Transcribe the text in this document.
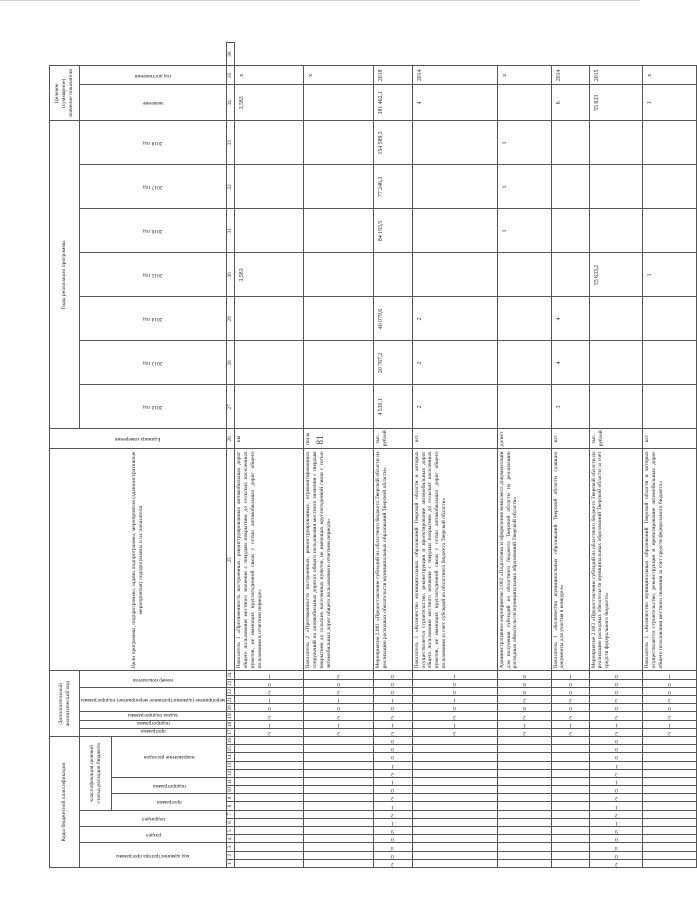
81
Коды бюджетной классификации																Дополнительный аналитический код								Цели программы, подпрограммы, задачи подпрограммы, мероприятия (административные мероприятия) подпрограммы и их показатели	Единица измерения	Годы реализации программы							Целевое (суммарное) значение показателя		

код администратора программы			раздел		подраздел		классификация целевой статьи расходов бюджета									программа	подпрограмма	задача подпрограммы	мероприятие (административное мероприятие) подпрограммы			номер показателя				2012 год	2013 год	2014 год	2015 год	2016 год	2017 год	2018 год	значение	год достижения	

							программа		подпрограмма		направление расходов																								

1	2	3	4	5	6	7	8	9	10	11	12	13	14	15	16	17	18	19	20	21	22	23	24	25	26	27	28	29	30	31	32	33	34	35	36

																2	1	2	0	1	2	0	1	Показатель 1 «Протяженность построенных, реконструированных автомобильных дорог общего пользования местного значения с твердым покрытием до сельских населенных пунктов, не имеющих круглогодичной связи с сетью автомобильных дорог общего пользования в отчетном периоде»	км				3,583				3,583	х	

																2	1	2	0	1	2	0	2	Показатель 2 «Протяженность построенных, реконструированных, отремонтированных сооружений на автомобильных дорогах общего пользования местного значения с твердым покрытием до сельских населенных пунктов, не имеющих круглогодичной связи с сетью автомобильных дорог общего пользования в отчетном периоде»	пог.м									х	

2	0	4	0	9	1	2	1	2	0	1	2	1	0	0	0	2	1	2	0	1	0	0	0	Мероприятие 2.001 «Предоставление субсидий из областного бюджета Тверской области на реализацию расходных обязательств муниципальных образований Тверской области»	тыс. рублей	4 530,1	20 767,2	40 079,6		84 193,5	77 246,3	154 589,5	381 462,1	2018	

																2	1	2	0	1	0	0	1	Показатель 1 «Количество муниципальных образований Тверской области в которых осуществляется строительство, реконструкция и проектирование автомобильных дорог общего пользования местного значения с твердым покрытием до сельских населенных пунктов, не имеющих круглогодичной связи с сетью автомобильных дорог общего пользования за счет субсидий из областного бюджета Тверской области»	шт	2	2	2					4	2014	

																2	1	2	0	2	0	0	0	Административное мероприятие 2.002 «Подготовка и оформление комплекта документации для получения субсидий из областного бюджета Тверской области на реализацию расходных обязательств муниципальных образований Тверской области»	да/нет					1	1	1		х	

																2	1	2	0	2	0	0	1	Показатель 1 «Количество муниципальных образований Тверской области сдавших документы для участия в конкурсе»	шт	3	4	4					6	2014	

2	0	4	0	9	1	2	1	2	0	1	3	1	0	0	0	2	1	2	0	3	0	0	0	Мероприятие 2.003 «Предоставление субсидий из областного бюджета Тверской области на реализацию расходных обязательств муниципальных образований Тверской области за счет средств федерального бюджета»	тыс. рублей				55 633,2				55 633	2015	

																2	1	2	0	3	0	0	1	Показатель 1 «Количество муниципальных образований Тверской области в которых осуществляется строительство, реконструкция и проектирование автомобильных дорог общего пользования местного значения за счет средств федерального бюджета»	шт				1				1	х	
